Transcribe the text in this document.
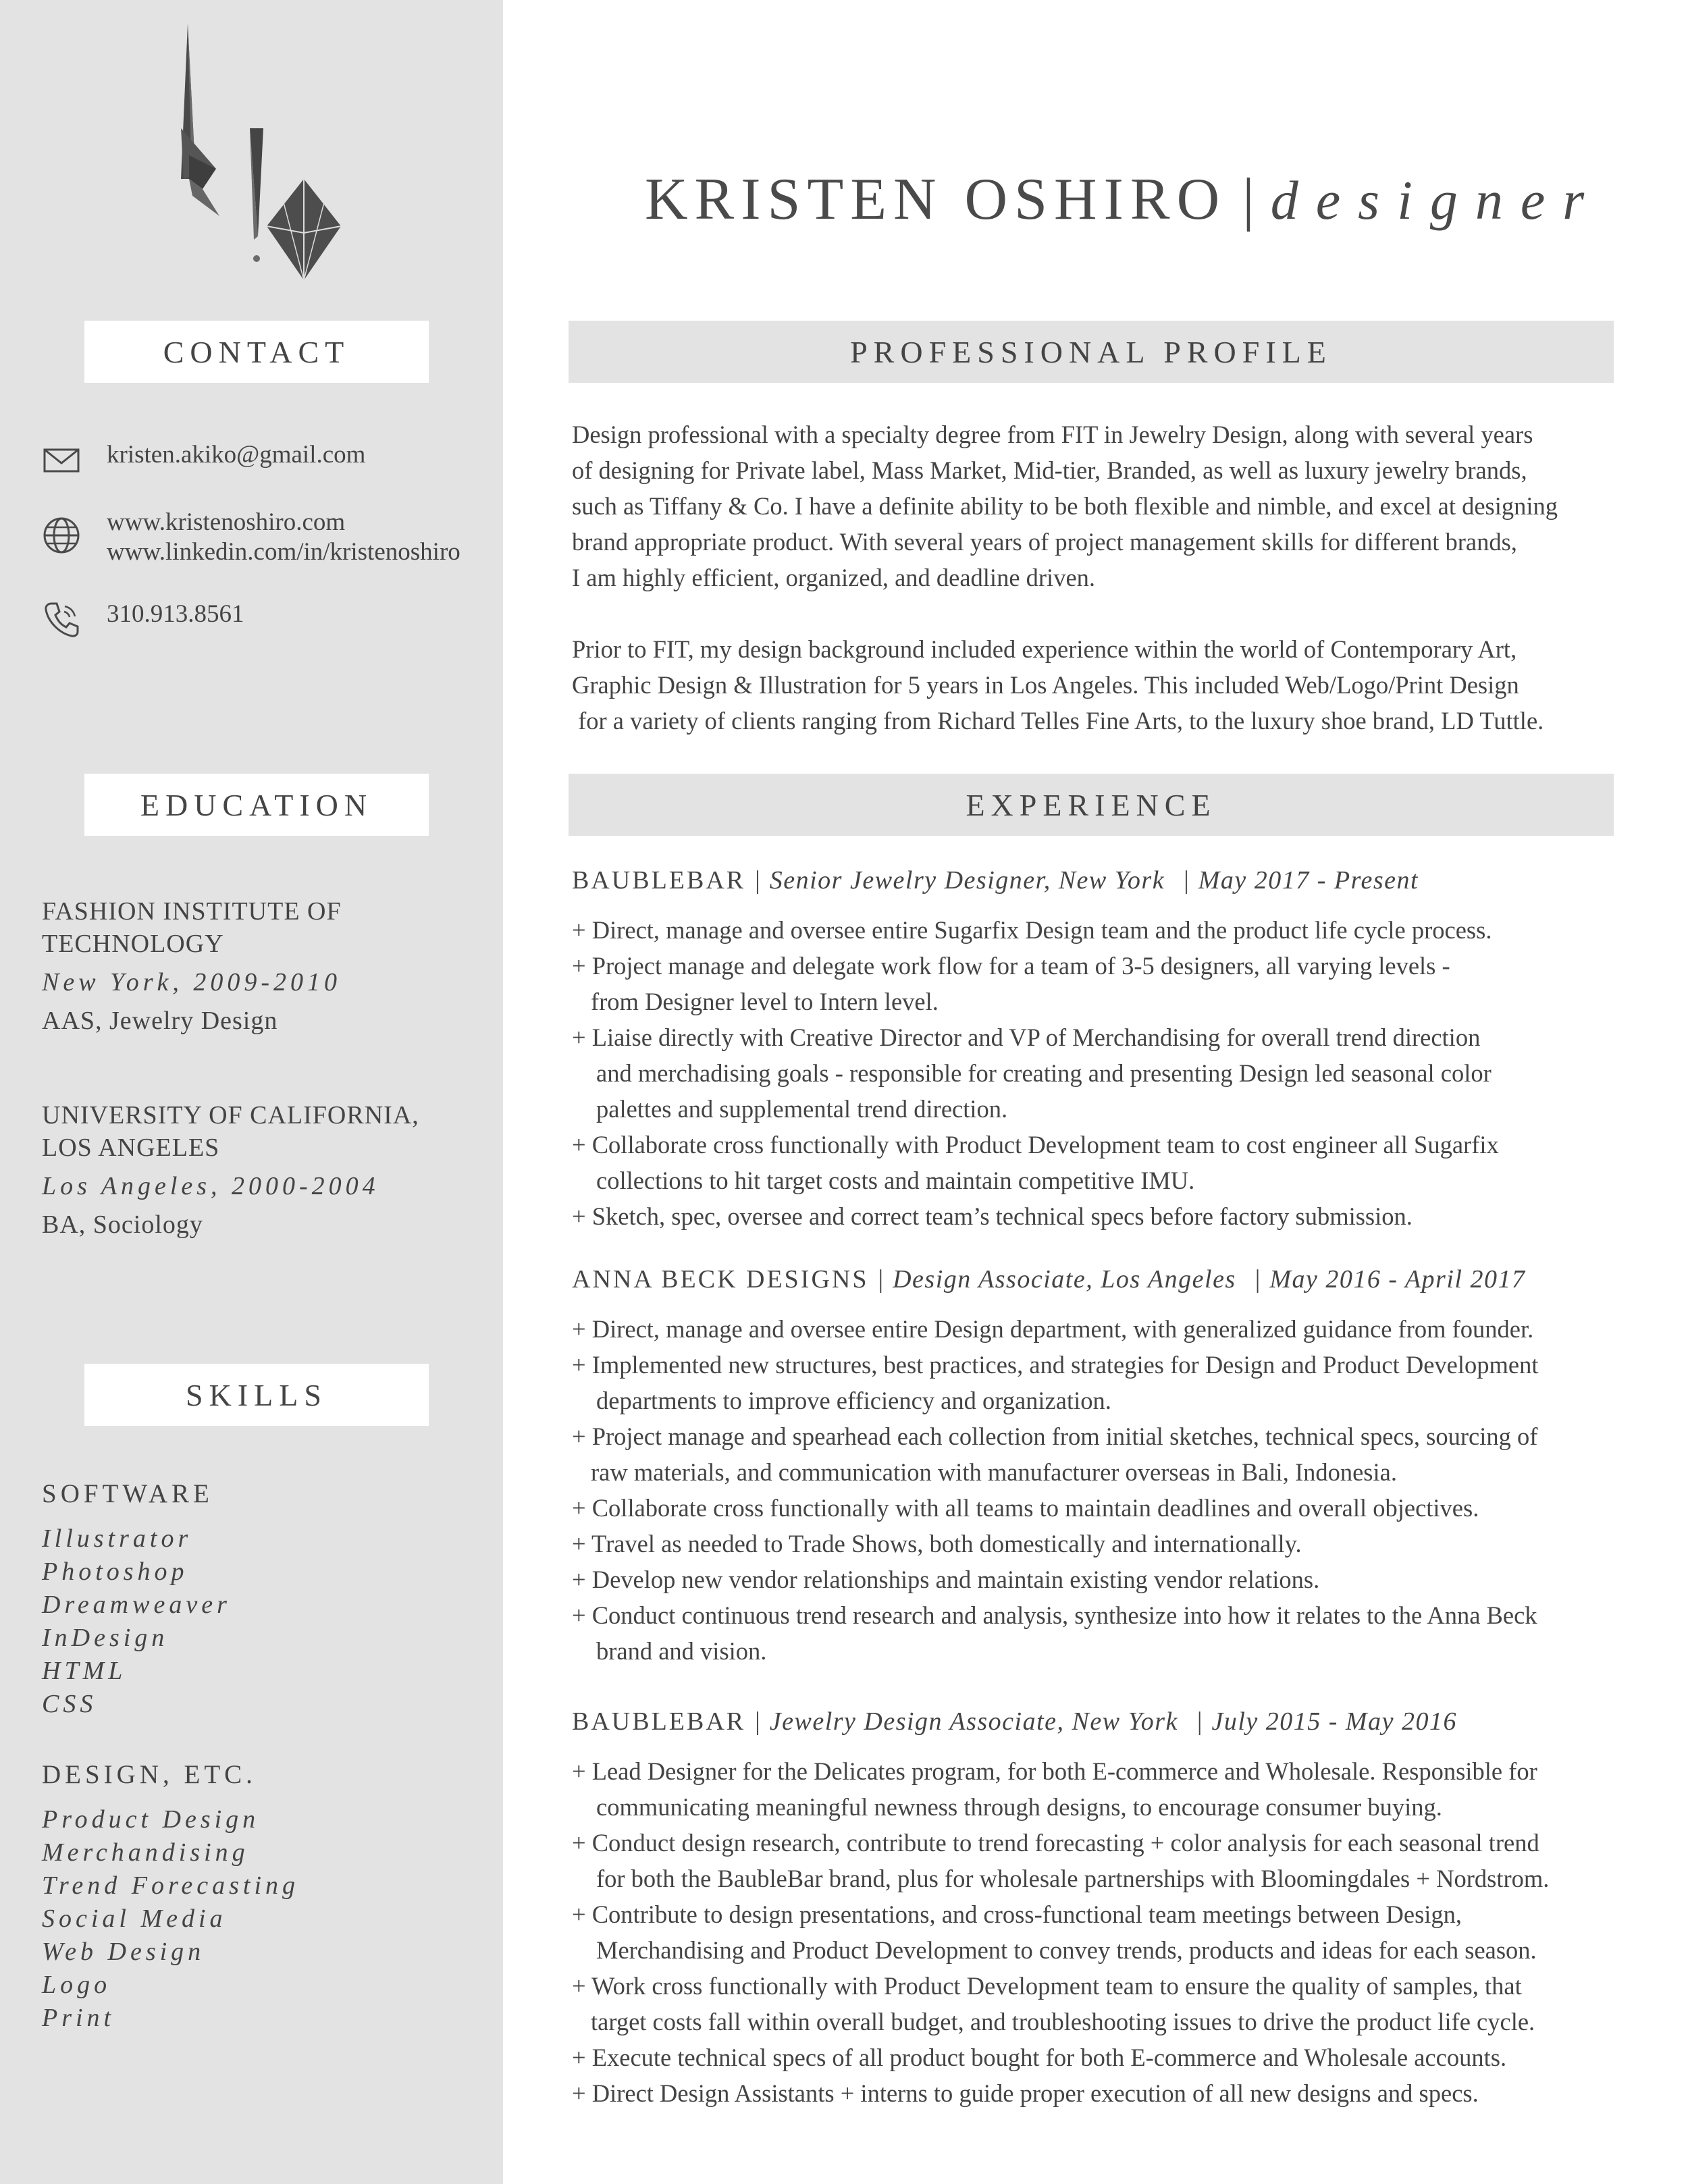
CONTACT
kristen.akiko@gmail.com
www.kristenoshiro.com
www.linkedin.com/in/kristenoshiro
310.913.8561
EDUCATION
FASHION INSTITUTE OF
TECHNOLOGY
New York, 2009-2010
AAS, Jewelry Design
UNIVERSITY OF CALIFORNIA,
LOS ANGELES
Los Angeles, 2000-2004
BA, Sociology
SKILLS
SOFTWARE
Illustrator
Photoshop
Dreamweaver
InDesign
HTML
CSS
DESIGN, ETC.
Product Design
Merchandising
Trend Forecasting
Social Media
Web Design
Logo
Print
KRISTEN OSHIRO | designer
PROFESSIONAL PROFILE
Design professional with a specialty degree from FIT in Jewelry Design, along with several years
of designing for Private label, Mass Market, Mid-tier, Branded, as well as luxury jewelry brands,
such as Tiffany & Co. I have a definite ability to be both flexible and nimble, and excel at designing
brand appropriate product. With several years of project management skills for different brands,
I am highly efficient, organized, and deadline driven.
Prior to FIT, my design background included experience within the world of Contemporary Art,
Graphic Design & Illustration for 5 years in Los Angeles. This included Web/Logo/Print Design
for a variety of clients ranging from Richard Telles Fine Arts, to the luxury shoe brand, LD Tuttle.
EXPERIENCE
BAUBLEBAR | Senior Jewelry Designer, New York | May 2017 - Present
+ Direct, manage and oversee entire Sugarfix Design team and the product life cycle process.
+ Project manage and delegate work flow for a team of 3-5 designers, all varying levels -
from Designer level to Intern level.
+ Liaise directly with Creative Director and VP of Merchandising for overall trend direction
and merchadising goals - responsible for creating and presenting Design led seasonal color
palettes and supplemental trend direction.
+ Collaborate cross functionally with Product Development team to cost engineer all Sugarfix
collections to hit target costs and maintain competitive IMU.
+ Sketch, spec, oversee and correct team’s technical specs before factory submission.
ANNA BECK DESIGNS | Design Associate, Los Angeles | May 2016 - April 2017
+ Direct, manage and oversee entire Design department, with generalized guidance from founder.
+ Implemented new structures, best practices, and strategies for Design and Product Development
departments to improve efficiency and organization.
+ Project manage and spearhead each collection from initial sketches, technical specs, sourcing of
raw materials, and communication with manufacturer overseas in Bali, Indonesia.
+ Collaborate cross functionally with all teams to maintain deadlines and overall objectives.
+ Travel as needed to Trade Shows, both domestically and internationally.
+ Develop new vendor relationships and maintain existing vendor relations.
+ Conduct continuous trend research and analysis, synthesize into how it relates to the Anna Beck
brand and vision.
BAUBLEBAR | Jewelry Design Associate, New York | July 2015 - May 2016
+ Lead Designer for the Delicates program, for both E-commerce and Wholesale. Responsible for
communicating meaningful newness through designs, to encourage consumer buying.
+ Conduct design research, contribute to trend forecasting + color analysis for each seasonal trend
for both the BaubleBar brand, plus for wholesale partnerships with Bloomingdales + Nordstrom.
+ Contribute to design presentations, and cross-functional team meetings between Design,
Merchandising and Product Development to convey trends, products and ideas for each season.
+ Work cross functionally with Product Development team to ensure the quality of samples, that
target costs fall within overall budget, and troubleshooting issues to drive the product life cycle.
+ Execute technical specs of all product bought for both E-commerce and Wholesale accounts.
+ Direct Design Assistants + interns to guide proper execution of all new designs and specs.
